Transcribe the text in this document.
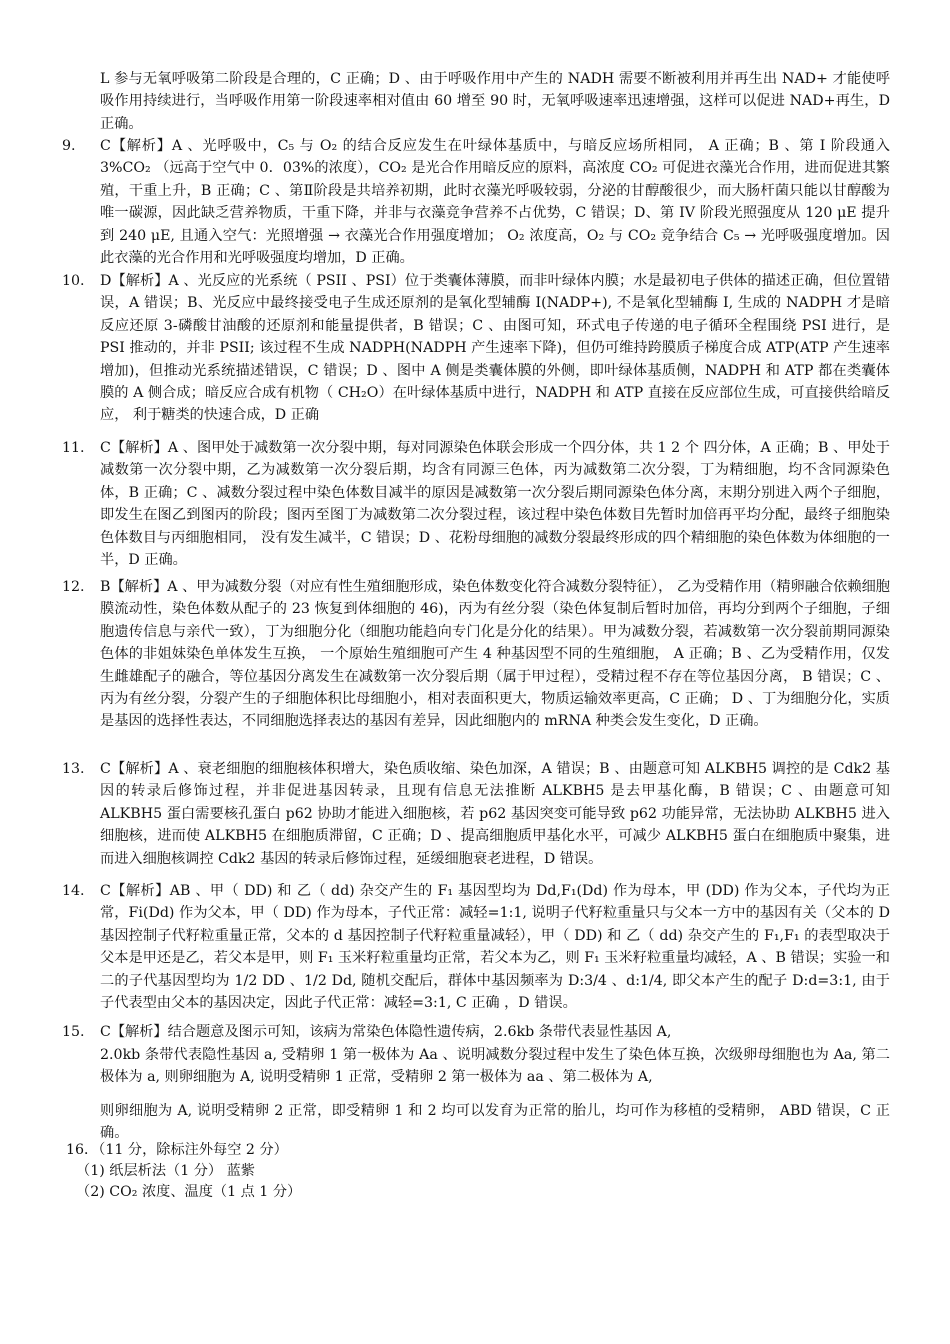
L 参与无氧呼吸第二阶段是合理的，C 正确；D 、由于呼吸作用中产生的 NADH 需要不断被利用并再生出 NAD+ 才能使呼吸作用持续进行，当呼吸作用第一阶段速率相对值由 60 增至 90 时，无氧呼吸速率迅速增强，这样可以促进 NAD+再生，D 正确。

9.	C【解析】A 、光呼吸中，C₅ 与 O₂ 的结合反应发生在叶绿体基质中，与暗反应场所相同， A 正确；B 、第 I 阶段通入 3%CO₂ （远高于空气中 0．03%的浓度），CO₂ 是光合作用暗反应的原料，高浓度 CO₂ 可促进衣藻光合作用，进而促进其繁殖，干重上升，B 正确；C 、第Ⅱ阶段是共培养初期，此时衣藻光呼吸较弱，分泌的甘醇酸很少，而大肠杆菌只能以甘醇酸为唯一碳源，因此缺乏营养物质，干重下降，并非与衣藻竞争营养不占优势，C 错误；D、第 IV 阶段光照强度从 120 μE 提升到 240 μE, 且通入空气：光照增强 → 衣藻光合作用强度增加； O₂ 浓度高，O₂ 与 CO₂ 竞争结合 C₅ → 光呼吸强度增加。因此衣藻的光合作用和光呼吸强度均增加，D 正确。
10.	D【解析】A 、光反应的光系统（ PSII 、PSI）位于类囊体薄膜，而非叶绿体内膜；水是最初电子供体的描述正确，但位置错误，A 错误；B、光反应中最终接受电子生成还原剂的是氧化型辅酶 I(NADP+), 不是氧化型辅酶 I, 生成的 NADPH 才是暗反应还原 3-磷酸甘油酸的还原剂和能量提供者，B 错误；C 、由图可知，环式电子传递的电子循环全程围绕 PSI 进行，是 PSI 推动的，并非 PSII; 该过程不生成 NADPH(NADPH 产生速率下降)，但仍可维持跨膜质子梯度合成 ATP(ATP 产生速率增加)，但推动光系统描述错误，C 错误；D 、图中 A 侧是类囊体膜的外侧，即叶绿体基质侧，NADPH 和 ATP 都在类囊体膜的 A 侧合成；暗反应合成有机物（ CH₂O）在叶绿体基质中进行，NADPH 和 ATP 直接在反应部位生成，可直接供给暗反应， 利于糖类的快速合成，D 正确
11.	C【解析】A 、图甲处于减数第一次分裂中期，每对同源染色体联会形成一个四分体，共 1 2 个 四分体，A 正确；B 、甲处于减数第一次分裂中期，乙为减数第一次分裂后期，均含有同源三色体，丙为减数第二次分裂，丁为精细胞，均不含同源染色体，B 正确；C 、减数分裂过程中染色体数目减半的原因是减数第一次分裂后期同源染色体分离，末期分别进入两个子细胞，即发生在图乙到图丙的阶段；图丙至图丁为减数第二次分裂过程，该过程中染色体数目先暂时加倍再平均分配，最终子细胞染色体数目与丙细胞相同， 没有发生减半，C 错误；D 、花粉母细胞的减数分裂最终形成的四个精细胞的染色体数为体细胞的一半，D 正确。
12.	B【解析】A 、甲为减数分裂（对应有性生殖细胞形成，染色体数变化符合减数分裂特征）， 乙为受精作用（精卵融合依赖细胞膜流动性，染色体数从配子的 23 恢复到体细胞的 46)，丙为有丝分裂（染色体复制后暂时加倍，再均分到两个子细胞，子细胞遗传信息与亲代一致），丁为细胞分化（细胞功能趋向专门化是分化的结果）。甲为减数分裂，若减数第一次分裂前期同源染色体的非姐妹染色单体发生互换， 一个原始生殖细胞可产生 4 种基因型不同的生殖细胞， A 正确；B 、乙为受精作用，仅发生雌雄配子的融合，等位基因分离发生在减数第一次分裂后期（属于甲过程），受精过程不存在等位基因分离， B 错误；C 、丙为有丝分裂，分裂产生的子细胞体积比母细胞小，相对表面积更大，物质运输效率更高，C 正确； D 、丁为细胞分化，实质是基因的选择性表达，不同细胞选择表达的基因有差异，因此细胞内的 mRNA 种类会发生变化，D 正确。
13.	C【解析】A 、衰老细胞的细胞核体积增大，染色质收缩、染色加深，A 错误；B 、由题意可知 ALKBH5 调控的是 Cdk2 基因的转录后修饰过程，并非促进基因转录，且现有信息无法推断 ALKBH5 是去甲基化酶，B 错误；C 、由题意可知 ALKBH5 蛋白需要核孔蛋白 p62 协助才能进入细胞核，若 p62 基因突变可能导致 p62 功能异常，无法协助 ALKBH5 进入细胞核，进而使 ALKBH5 在细胞质滞留，C 正确；D 、提高细胞质甲基化水平，可减少 ALKBH5 蛋白在细胞质中聚集，进而进入细胞核调控 Cdk2 基因的转录后修饰过程，延缓细胞衰老进程，D 错误。
14.	C【解析】AB 、甲（ DD) 和 乙（ dd) 杂交产生的 F₁ 基因型均为 Dd,F₁(Dd) 作为母本，甲 (DD) 作为父本，子代均为正常，Fi(Dd) 作为父本，甲（ DD) 作为母本，子代正常：减轻=1:1, 说明子代籽粒重量只与父本一方中的基因有关（父本的 D 基因控制子代籽粒重量正常，父本的 d 基因控制子代籽粒重量减轻），甲（ DD) 和 乙（ dd) 杂交产生的 F₁,F₁ 的表型取决于父本是甲还是乙，若父本是甲，则 F₁ 玉米籽粒重量均正常，若父本为乙，则 F₁ 玉米籽粒重量均减轻，A 、B 错误；实验一和二的子代基因型均为 1/2 DD 、1/2 Dd, 随机交配后，群体中基因频率为 D:3/4 、d:1/4, 即父本产生的配子 D:d=3:1, 由于子代表型由父本的基因决定，因此子代正常：减轻=3:1, C 正确 ，D 错误。
15.	C【解析】结合题意及图示可知，该病为常染色体隐性遗传病，2.6kb 条带代表显性基因 A,

2.0kb 条带代表隐性基因 a, 受精卵 1 第一极体为 Aa 、说明减数分裂过程中发生了染色体互换，次级卵母细胞也为 Aa, 第二极体为 a, 则卵细胞为 A, 说明受精卵 1 正常，受精卵 2 第一极体为 aa 、第二极体为 A,

则卵细胞为 A, 说明受精卵 2 正常，即受精卵 1 和 2 均可以发育为正常的胎儿，均可作为移植的受精卵， ABD 错误，C 正确。

16．（11 分，除标注外每空 2 分）

（1) 纸层析法（1 分） 蓝紫

（2) CO₂ 浓度、温度（1 点 1 分）
